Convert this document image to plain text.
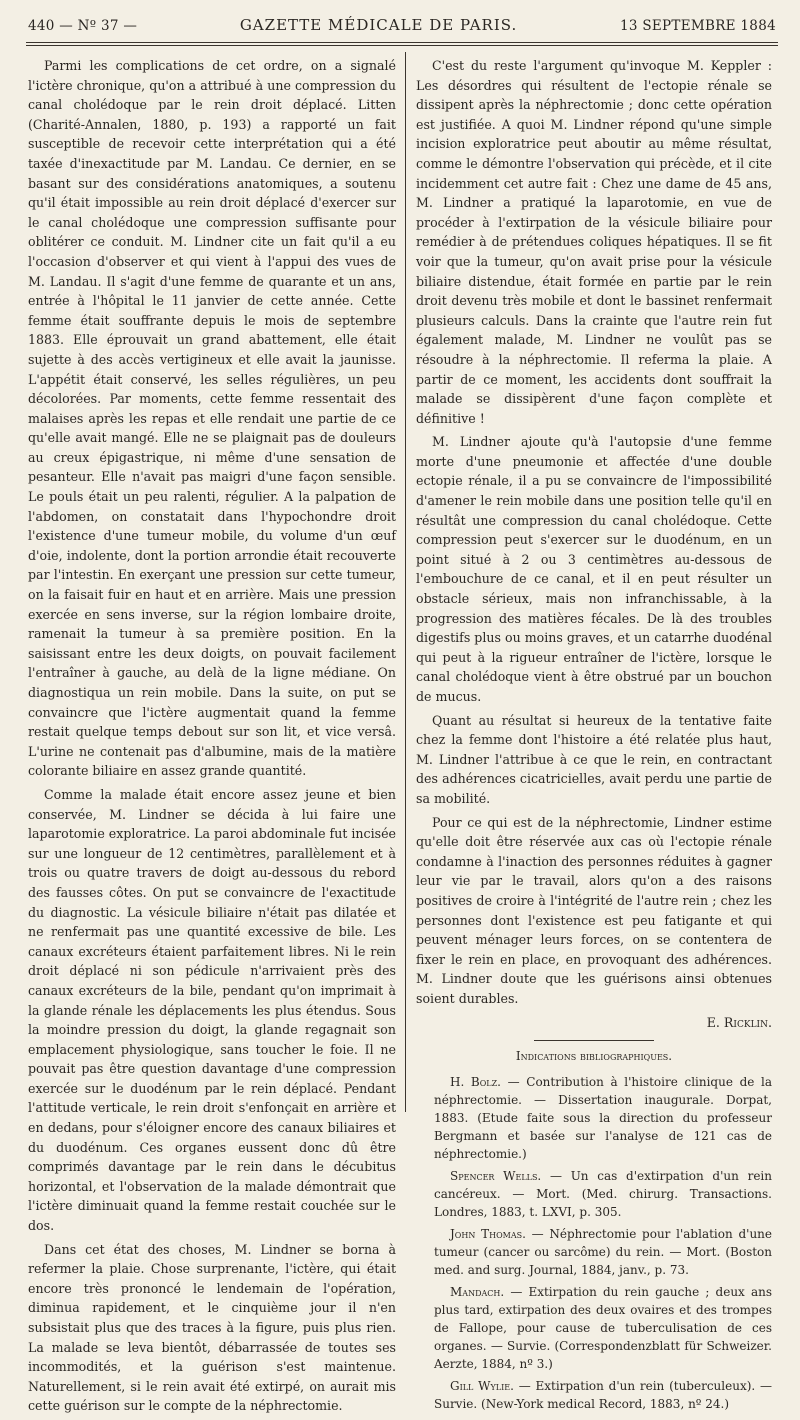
440 — Nº 37 —	GAZETTE MÉDICALE DE PARIS.	13 SEPTEMBRE 1884

Parmi les complications de cet ordre, on a signalé l'ictère chronique, qu'on a attribué à une compression du canal cholédoque par le rein droit déplacé. Litten (Charité-Annalen, 1880, p. 193) a rapporté un fait susceptible de recevoir cette interprétation qui a été taxée d'inexactitude par M. Landau. Ce dernier, en se basant sur des considérations anatomiques, a soutenu qu'il était impossible au rein droit déplacé d'exercer sur le canal cholédoque une compression suffisante pour oblitérer ce conduit. M. Lindner cite un fait qu'il a eu l'occasion d'observer et qui vient à l'appui des vues de M. Landau. Il s'agit d'une femme de quarante et un ans, entrée à l'hôpital le 11 janvier de cette année. Cette femme était souffrante depuis le mois de septembre 1883. Elle éprouvait un grand abattement, elle était sujette à des accès vertigineux et elle avait la jaunisse. L'appétit était conservé, les selles régulières, un peu décolorées. Par moments, cette femme ressentait des malaises après les repas et elle rendait une partie de ce qu'elle avait mangé. Elle ne se plaignait pas de douleurs au creux épigastrique, ni même d'une sensation de pesanteur. Elle n'avait pas maigri d'une façon sensible. Le pouls était un peu ralenti, régulier. A la palpation de l'abdomen, on constatait dans l'hypochondre droit l'existence d'une tumeur mobile, du volume d'un œuf d'oie, indolente, dont la portion arrondie était recouverte par l'intestin. En exerçant une pression sur cette tumeur, on la faisait fuir en haut et en arrière. Mais une pression exercée en sens inverse, sur la région lombaire droite, ramenait la tumeur à sa première position. En la saisissant entre les deux doigts, on pouvait facilement l'entraîner à gauche, au delà de la ligne médiane. On diagnostiqua un rein mobile. Dans la suite, on put se convaincre que l'ictère augmentait quand la femme restait quelque temps debout sur son lit, et vice versâ. L'urine ne contenait pas d'albumine, mais de la matière colorante biliaire en assez grande quantité.

Comme la malade était encore assez jeune et bien conservée, M. Lindner se décida à lui faire une laparotomie exploratrice. La paroi abdominale fut incisée sur une longueur de 12 centimètres, parallèlement et à trois ou quatre travers de doigt au-dessous du rebord des fausses côtes. On put se convaincre de l'exactitude du diagnostic. La vésicule biliaire n'était pas dilatée et ne renfermait pas une quantité excessive de bile. Les canaux excréteurs étaient parfaitement libres. Ni le rein droit déplacé ni son pédicule n'arrivaient près des canaux excréteurs de la bile, pendant qu'on imprimait à la glande rénale les déplacements les plus étendus. Sous la moindre pression du doigt, la glande regagnait son emplacement physiologique, sans toucher le foie. Il ne pouvait pas être question davantage d'une compression exercée sur le duodénum par le rein déplacé. Pendant l'attitude verticale, le rein droit s'enfonçait en arrière et en dedans, pour s'éloigner encore des canaux biliaires et du duodénum. Ces organes eussent donc dû être comprimés davantage par le rein dans le décubitus horizontal, et l'observation de la malade démontrait que l'ictère diminuait quand la femme restait couchée sur le dos.

Dans cet état des choses, M. Lindner se borna à refermer la plaie. Chose surprenante, l'ictère, qui était encore très prononcé le lendemain de l'opération, diminua rapidement, et le cinquième jour il n'en subsistait plus que des traces à la figure, puis plus rien. La malade se leva bientôt, débarrassée de toutes ses incommodités, et la guérison s'est maintenue. Naturellement, si le rein avait été extirpé, on aurait mis cette guérison sur le compte de la néphrectomie.

C'est du reste l'argument qu'invoque M. Keppler : Les désordres qui résultent de l'ectopie rénale se dissipent après la néphrectomie ; donc cette opération est justifiée. A quoi M. Lindner répond qu'une simple incision exploratrice peut aboutir au même résultat, comme le démontre l'observation qui précède, et il cite incidemment cet autre fait : Chez une dame de 45 ans, M. Lindner a pratiqué la laparotomie, en vue de procéder à l'extirpation de la vésicule biliaire pour remédier à de prétendues coliques hépatiques. Il se fit voir que la tumeur, qu'on avait prise pour la vésicule biliaire distendue, était formée en partie par le rein droit devenu très mobile et dont le bassinet renfermait plusieurs calculs. Dans la crainte que l'autre rein fut également malade, M. Lindner ne voulût pas se résoudre à la néphrectomie. Il referma la plaie. A partir de ce moment, les accidents dont souffrait la malade se dissipèrent d'une façon complète et définitive !

M. Lindner ajoute qu'à l'autopsie d'une femme morte d'une pneumonie et affectée d'une double ectopie rénale, il a pu se convaincre de l'impossibilité d'amener le rein mobile dans une position telle qu'il en résultât une compression du canal cholédoque. Cette compression peut s'exercer sur le duodénum, en un point situé à 2 ou 3 centimètres au-dessous de l'embouchure de ce canal, et il en peut résulter un obstacle sérieux, mais non infranchissable, à la progression des matières fécales. De là des troubles digestifs plus ou moins graves, et un catarrhe duodénal qui peut à la rigueur entraîner de l'ictère, lorsque le canal cholédoque vient à être obstrué par un bouchon de mucus.

Quant au résultat si heureux de la tentative faite chez la femme dont l'histoire a été relatée plus haut, M. Lindner l'attribue à ce que le rein, en contractant des adhérences cicatricielles, avait perdu une partie de sa mobilité.

Pour ce qui est de la néphrectomie, Lindner estime qu'elle doit être réservée aux cas où l'ectopie rénale condamne à l'inaction des personnes réduites à gagner leur vie par le travail, alors qu'on a des raisons positives de croire à l'intégrité de l'autre rein ; chez les personnes dont l'existence est peu fatigante et qui peuvent ménager leurs forces, on se contentera de fixer le rein en place, en provoquant des adhérences. M. Lindner doute que les guérisons ainsi obtenues soient durables.

E. Ricklin.

Indications bibliographiques.

H. Bolz. — Contribution à l'histoire clinique de la néphrectomie. — Dissertation inaugurale. Dorpat, 1883. (Etude faite sous la direction du professeur Bergmann et basée sur l'analyse de 121 cas de néphrectomie.)

Spencer Wells. — Un cas d'extirpation d'un rein cancéreux. — Mort. (Med. chirurg. Transactions. Londres, 1883, t. LXVI, p. 305.

John Thomas. — Néphrectomie pour l'ablation d'une tumeur (cancer ou sarcôme) du rein. — Mort. (Boston med. and surg. Journal, 1884, janv., p. 73.

Mandach. — Extirpation du rein gauche ; deux ans plus tard, extirpation des deux ovaires et des trompes de Fallope, pour cause de tuberculisation de ces organes. — Survie. (Correspondenzblatt für Schweizer. Aerzte, 1884, nº 3.)

Gill Wylie. — Extirpation d'un rein (tuberculeux). — Survie. (New-York medical Record, 1883, nº 24.)
